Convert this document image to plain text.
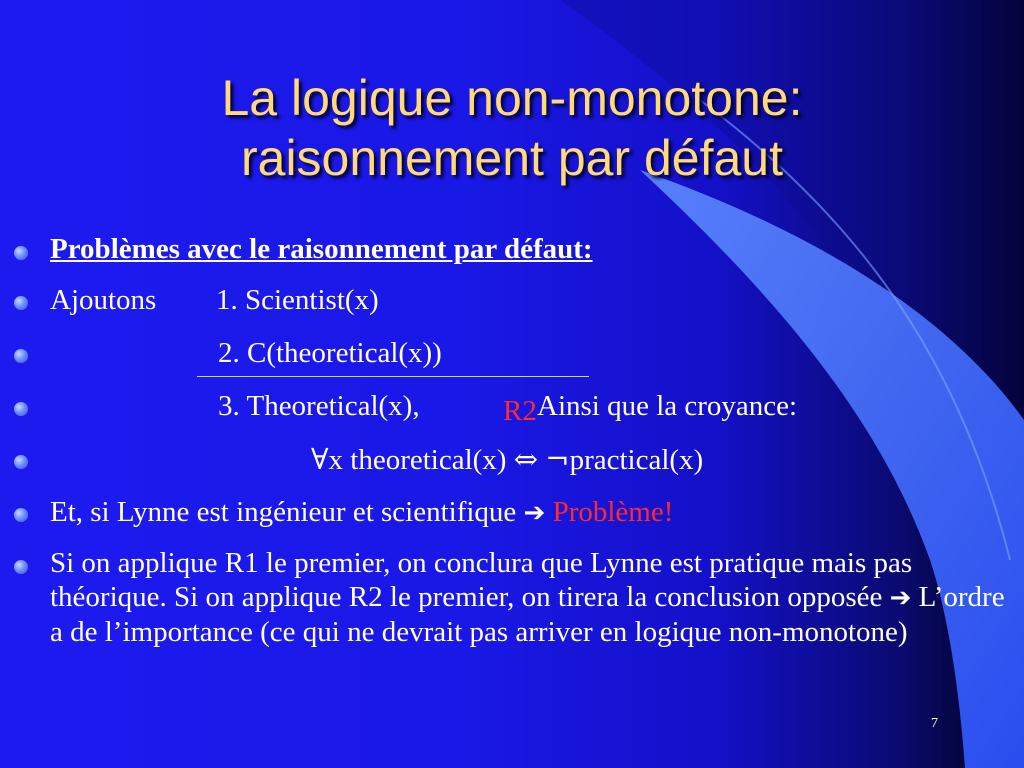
La logique non-monotone:
raisonnement par défaut
Problèmes avec le raisonnement par défaut:
Ajoutons 1. Scientist(x)
2. C(theoretical(x))
3. Theoretical(x),	Ainsi que la croyance:
R2
∀x theoretical(x) ⇔ ¬practical(x)
Et, si Lynne est ingénieur et scientifique ➔ Problème!
Si on applique R1 le premier, on conclura que Lynne est pratique mais pas théorique. Si on applique R2 le premier, on tirera la conclusion opposée ➔ L’ordre a de l’importance (ce qui ne devrait pas arriver en logique non-monotone)
7
